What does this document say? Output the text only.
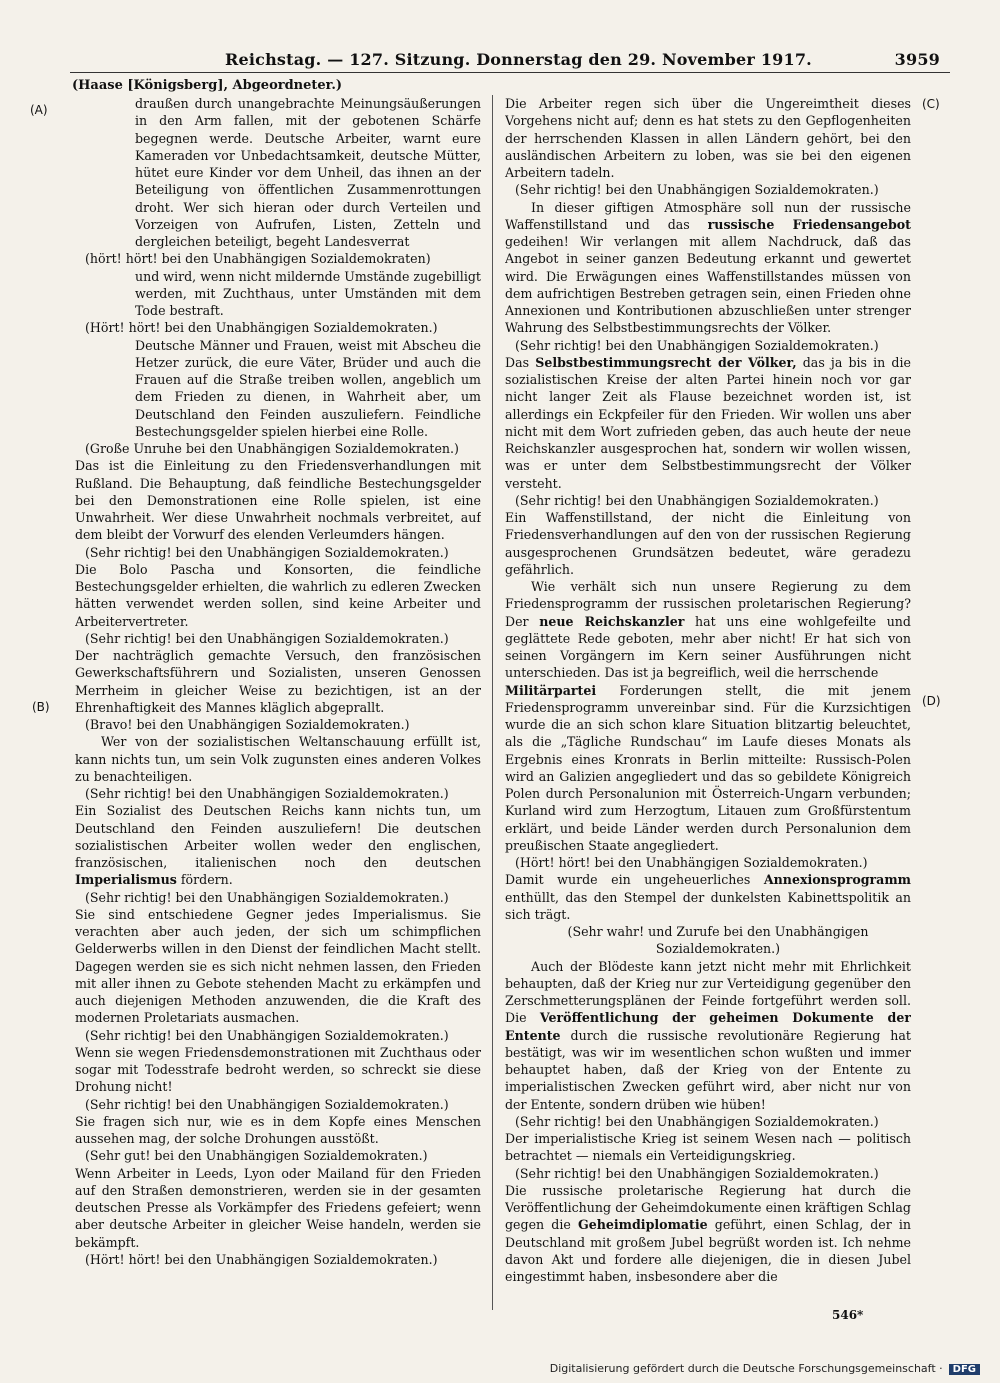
Reichstag. — 127. Sitzung. Donnerstag den 29. November 1917.	3959
(Haase [Königsberg], Abgeordneter.)
(A)
(B)
(C)
(D)

draußen durch unangebrachte Meinungsäußerungen in den Arm fallen, mit der gebotenen Schärfe begegnen werde. Deutsche Arbeiter, warnt eure Kameraden vor Unbedachtsamkeit, deutsche Mütter, hütet eure Kinder vor dem Unheil, das ihnen an der Beteiligung von öffentlichen Zusammenrottungen droht. Wer sich hieran oder durch Verteilen und Vorzeigen von Aufrufen, Listen, Zetteln und dergleichen beteiligt, begeht Landesverrat

(hört! hört! bei den Unabhängigen Sozialdemokraten)

und wird, wenn nicht mildernde Umstände zugebilligt werden, mit Zuchthaus, unter Umständen mit dem Tode bestraft.

(Hört! hört! bei den Unabhängigen Sozialdemokraten.)

Deutsche Männer und Frauen, weist mit Abscheu die Hetzer zurück, die eure Väter, Brüder und auch die Frauen auf die Straße treiben wollen, angeblich um dem Frieden zu dienen, in Wahrheit aber, um Deutschland den Feinden auszuliefern. Feindliche Bestechungsgelder spielen hierbei eine Rolle.

(Große Unruhe bei den Unabhängigen Sozialdemokraten.)

Das ist die Einleitung zu den Friedensverhandlungen mit Rußland. Die Behauptung, daß feindliche Bestechungsgelder bei den Demonstrationen eine Rolle spielen, ist eine Unwahrheit. Wer diese Unwahrheit nochmals verbreitet, auf dem bleibt der Vorwurf des elenden Verleumders hängen.

(Sehr richtig! bei den Unabhängigen Sozialdemokraten.)

Die Bolo Pascha und Konsorten, die feindliche Bestechungsgelder erhielten, die wahrlich zu edleren Zwecken hätten verwendet werden sollen, sind keine Arbeiter und Arbeitervertreter.

(Sehr richtig! bei den Unabhängigen Sozialdemokraten.)

Der nachträglich gemachte Versuch, den französischen Gewerkschaftsführern und Sozialisten, unseren Genossen Merrheim in gleicher Weise zu bezichtigen, ist an der Ehrenhaftigkeit des Mannes kläglich abgeprallt.

(Bravo! bei den Unabhängigen Sozialdemokraten.)

Wer von der sozialistischen Weltanschauung erfüllt ist, kann nichts tun, um sein Volk zugunsten eines anderen Volkes zu benachteiligen.

(Sehr richtig! bei den Unabhängigen Sozialdemokraten.)

Ein Sozialist des Deutschen Reichs kann nichts tun, um Deutschland den Feinden auszuliefern! Die deutschen sozialistischen Arbeiter wollen weder den englischen, französischen, italienischen noch den deutschen Imperialismus fördern.

(Sehr richtig! bei den Unabhängigen Sozialdemokraten.)

Sie sind entschiedene Gegner jedes Imperialismus. Sie verachten aber auch jeden, der sich um schimpflichen Gelderwerbs willen in den Dienst der feindlichen Macht stellt. Dagegen werden sie es sich nicht nehmen lassen, den Frieden mit aller ihnen zu Gebote stehenden Macht zu erkämpfen und auch diejenigen Methoden anzuwenden, die die Kraft des modernen Proletariats ausmachen.

(Sehr richtig! bei den Unabhängigen Sozialdemokraten.)

Wenn sie wegen Friedensdemonstrationen mit Zuchthaus oder sogar mit Todesstrafe bedroht werden, so schreckt sie diese Drohung nicht!

(Sehr richtig! bei den Unabhängigen Sozialdemokraten.)

Sie fragen sich nur, wie es in dem Kopfe eines Menschen aussehen mag, der solche Drohungen ausstößt.

(Sehr gut! bei den Unabhängigen Sozialdemokraten.)

Wenn Arbeiter in Leeds, Lyon oder Mailand für den Frieden auf den Straßen demonstrieren, werden sie in der gesamten deutschen Presse als Vorkämpfer des Friedens gefeiert; wenn aber deutsche Arbeiter in gleicher Weise handeln, werden sie bekämpft.

(Hört! hört! bei den Unabhängigen Sozialdemokraten.)

Die Arbeiter regen sich über die Ungereimtheit dieses Vorgehens nicht auf; denn es hat stets zu den Gepflogenheiten der herrschenden Klassen in allen Ländern gehört, bei den ausländischen Arbeitern zu loben, was sie bei den eigenen Arbeitern tadeln.

(Sehr richtig! bei den Unabhängigen Sozialdemokraten.)

In dieser giftigen Atmosphäre soll nun der russische Waffenstillstand und das russische Friedensangebot gedeihen! Wir verlangen mit allem Nachdruck, daß das Angebot in seiner ganzen Bedeutung erkannt und gewertet wird. Die Erwägungen eines Waffenstillstandes müssen von dem aufrichtigen Bestreben getragen sein, einen Frieden ohne Annexionen und Kontributionen abzuschließen unter strenger Wahrung des Selbstbestimmungsrechts der Völker.

(Sehr richtig! bei den Unabhängigen Sozialdemokraten.)

Das Selbstbestimmungsrecht der Völker, das ja bis in die sozialistischen Kreise der alten Partei hinein noch vor gar nicht langer Zeit als Flause bezeichnet worden ist, ist allerdings ein Eckpfeiler für den Frieden. Wir wollen uns aber nicht mit dem Wort zufrieden geben, das auch heute der neue Reichskanzler ausgesprochen hat, sondern wir wollen wissen, was er unter dem Selbstbestimmungsrecht der Völker versteht.

(Sehr richtig! bei den Unabhängigen Sozialdemokraten.)

Ein Waffenstillstand, der nicht die Einleitung von Friedensverhandlungen auf den von der russischen Regierung ausgesprochenen Grundsätzen bedeutet, wäre geradezu gefährlich.

Wie verhält sich nun unsere Regierung zu dem Friedensprogramm der russischen proletarischen Regierung? Der neue Reichskanzler hat uns eine wohlgefeilte und geglättete Rede geboten, mehr aber nicht! Er hat sich von seinen Vorgängern im Kern seiner Ausführungen nicht unterschieden. Das ist ja begreiflich, weil die herrschende

Militärpartei Forderungen stellt, die mit jenem Friedensprogramm unvereinbar sind. Für die Kurzsichtigen wurde die an sich schon klare Situation blitzartig beleuchtet, als die „Tägliche Rundschau“ im Laufe dieses Monats als Ergebnis eines Kronrats in Berlin mitteilte: Russisch-Polen wird an Galizien angegliedert und das so gebildete Königreich Polen durch Personalunion mit Österreich-Ungarn verbunden; Kurland wird zum Herzogtum, Litauen zum Großfürstentum erklärt, und beide Länder werden durch Personalunion dem preußischen Staate angegliedert.

(Hört! hört! bei den Unabhängigen Sozialdemokraten.)

Damit wurde ein ungeheuerliches Annexionsprogramm enthüllt, das den Stempel der dunkelsten Kabinettspolitik an sich trägt.

(Sehr wahr! und Zurufe bei den Unabhängigen Sozialdemokraten.)

Auch der Blödeste kann jetzt nicht mehr mit Ehrlichkeit behaupten, daß der Krieg nur zur Verteidigung gegenüber den Zerschmetterungsplänen der Feinde fortgeführt werden soll. Die Veröffentlichung der geheimen Dokumente der Entente durch die russische revolutionäre Regierung hat bestätigt, was wir im wesentlichen schon wußten und immer behauptet haben, daß der Krieg von der Entente zu imperialistischen Zwecken geführt wird, aber nicht nur von der Entente, sondern drüben wie hüben!

(Sehr richtig! bei den Unabhängigen Sozialdemokraten.)

Der imperialistische Krieg ist seinem Wesen nach — politisch betrachtet — niemals ein Verteidigungskrieg.

(Sehr richtig! bei den Unabhängigen Sozialdemokraten.)

Die russische proletarische Regierung hat durch die Veröffentlichung der Geheimdokumente einen kräftigen Schlag gegen die Geheimdiplomatie geführt, einen Schlag, der in Deutschland mit großem Jubel begrüßt worden ist. Ich nehme davon Akt und fordere alle diejenigen, die in diesen Jubel eingestimmt haben, insbesondere aber die

546*
Digitalisierung gefördert durch die Deutsche Forschungsgemeinschaft · DFG
